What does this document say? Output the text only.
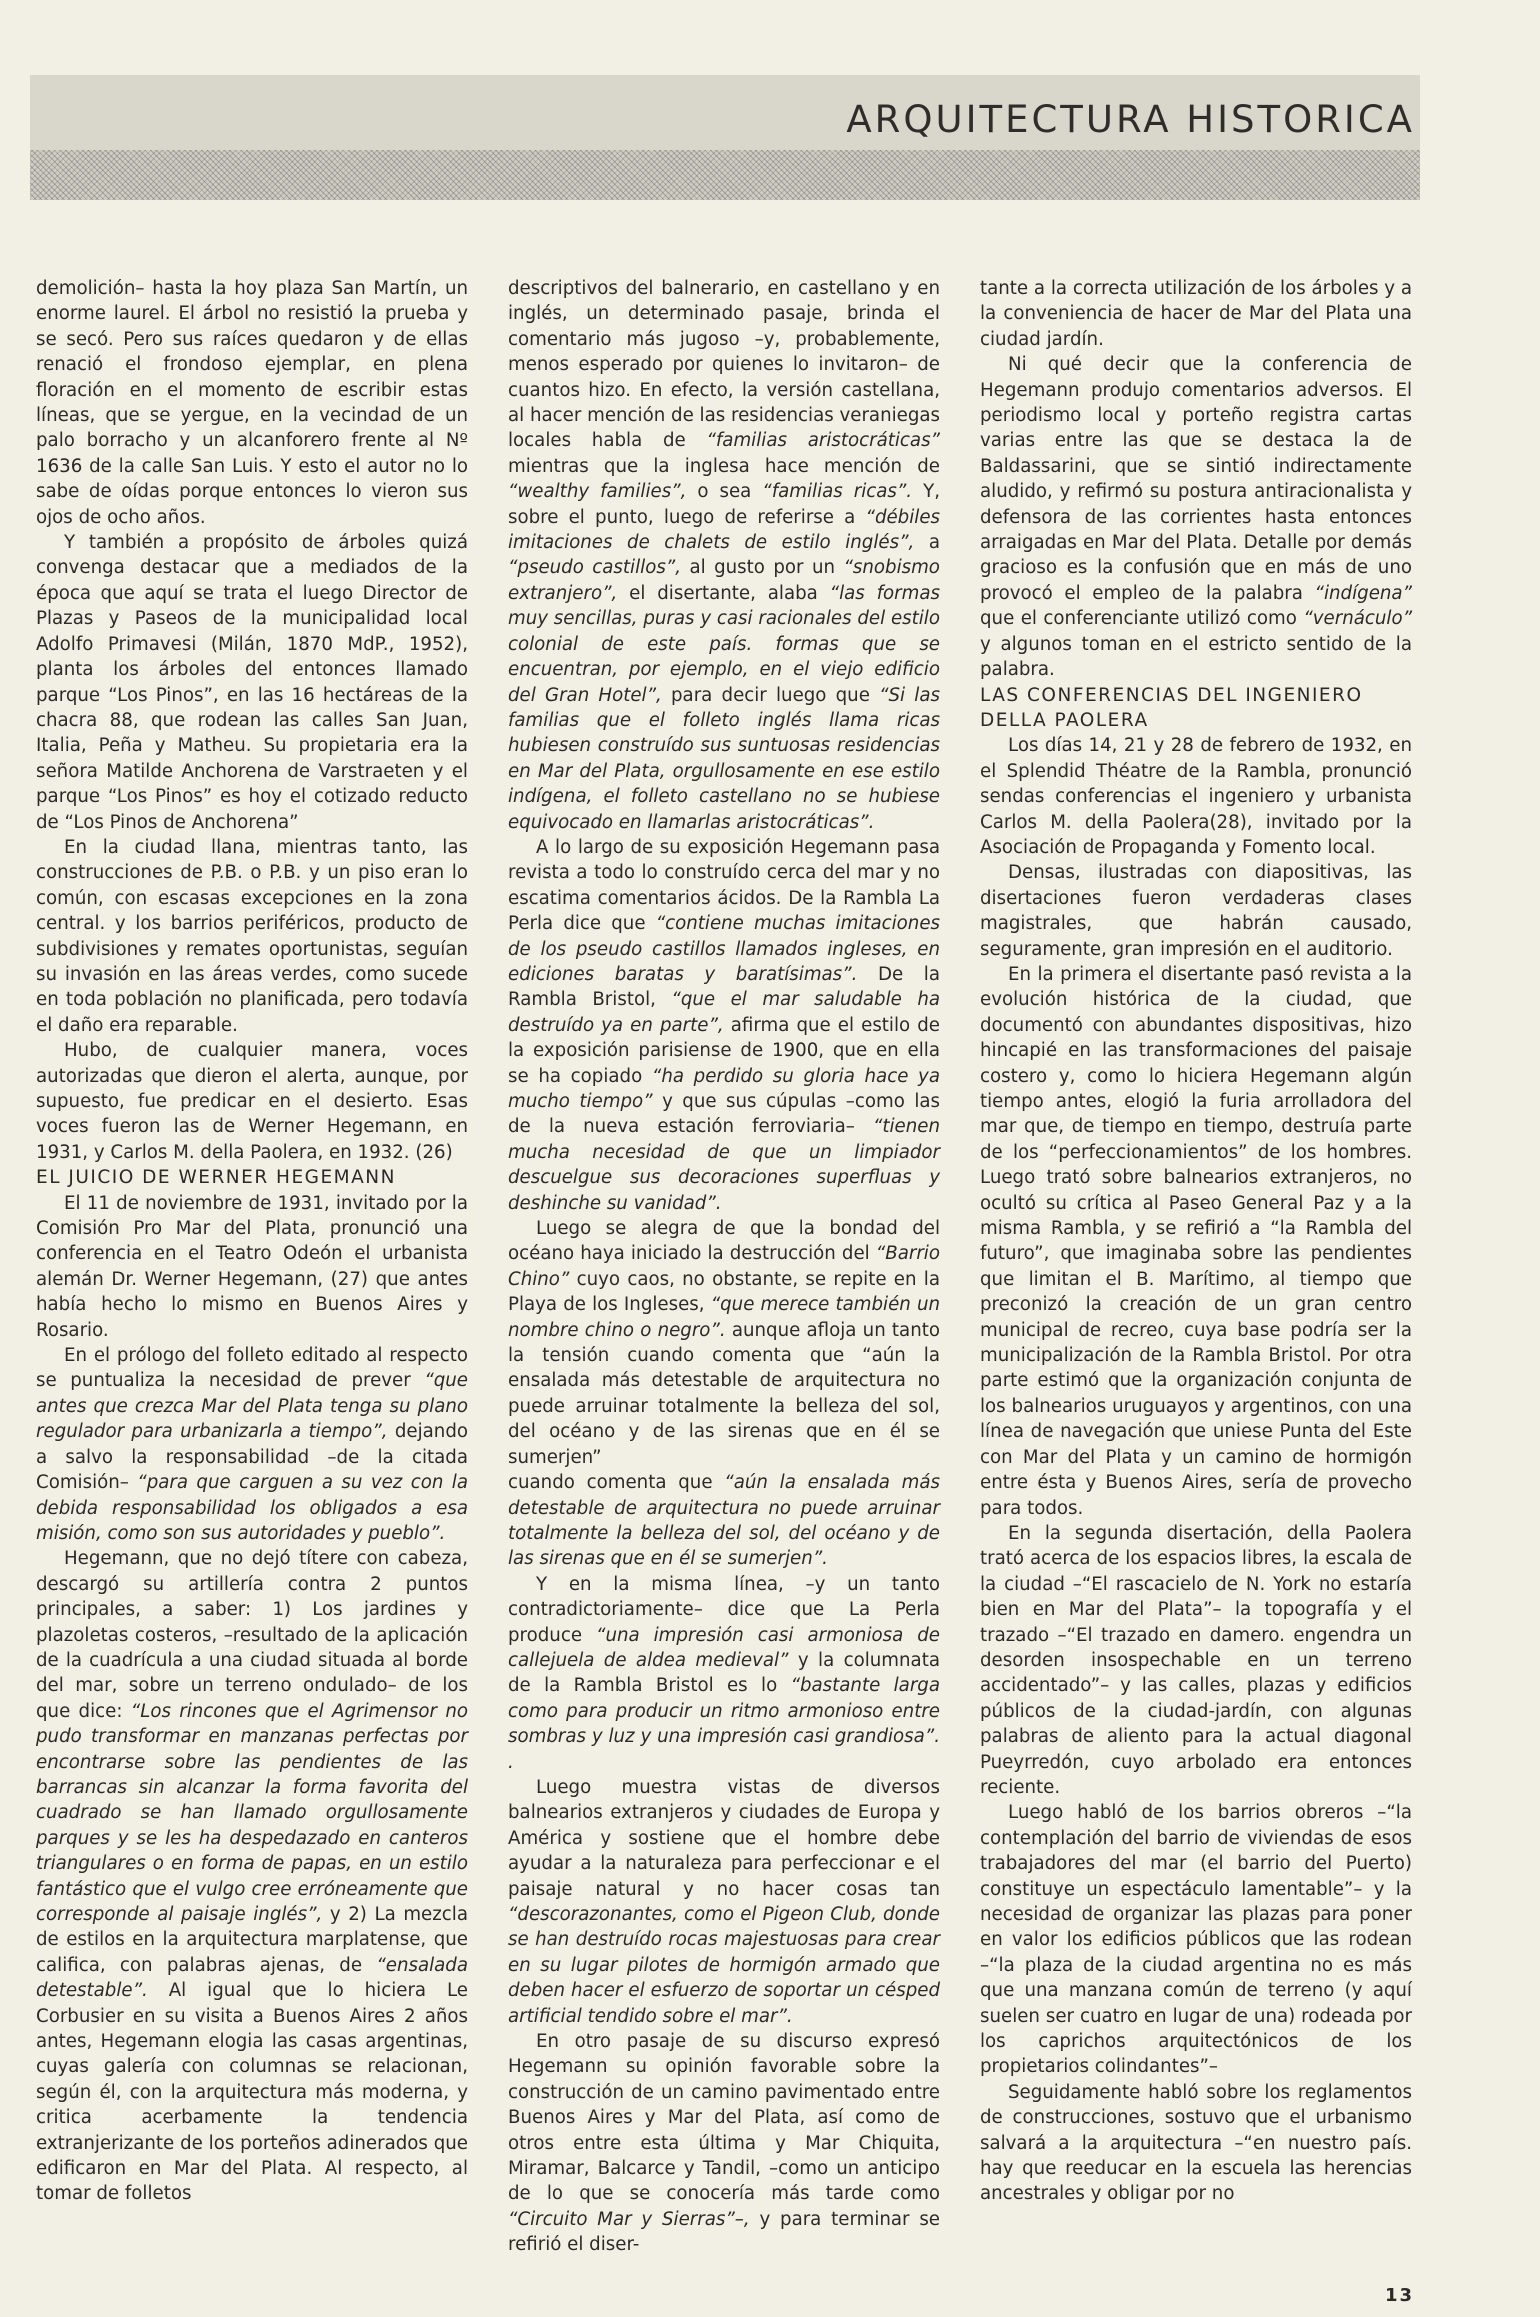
ARQUITECTURA HISTORICA

demolición– hasta la hoy plaza San Martín, un enorme laurel. El árbol no resistió la prueba y se secó. Pero sus raíces quedaron y de ellas renació el frondoso ejemplar, en plena floración en el momento de escribir estas líneas, que se yergue, en la vecindad de un palo borracho y un alcanforero frente al Nº 1636 de la calle San Luis. Y esto el autor no lo sabe de oídas porque entonces lo vieron sus ojos de ocho años.

Y también a propósito de árboles quizá convenga destacar que a mediados de la época que aquí se trata el luego Director de Plazas y Paseos de la municipalidad local Adolfo Primavesi (Milán, 1870 MdP., 1952), planta los árboles del entonces llamado parque “Los Pinos”, en las 16 hectáreas de la chacra 88, que rodean las calles San Juan, Italia, Peña y Matheu. Su propietaria era la señora Matilde Anchorena de Varstraeten y el parque “Los Pinos” es hoy el cotizado reducto de “Los Pinos de Anchorena”

En la ciudad llana, mientras tanto, las construcciones de P.B. o P.B. y un piso eran lo común, con escasas excepciones en la zona central. y los barrios periféricos, producto de subdivisiones y remates oportunistas, seguían su invasión en las áreas verdes, como sucede en toda población no planificada, pero todavía el daño era reparable.

Hubo, de cualquier manera, voces autorizadas que dieron el alerta, aunque, por supuesto, fue predicar en el desierto. Esas voces fueron las de Werner Hegemann, en 1931, y Carlos M. della Paolera, en 1932. (26)

EL JUICIO DE WERNER HEGEMANN

El 11 de noviembre de 1931, invitado por la Comisión Pro Mar del Plata, pronunció una conferencia en el Teatro Odeón el urbanista alemán Dr. Werner Hegemann, (27) que antes había hecho lo mismo en Buenos Aires y Rosario.

En el prólogo del folleto editado al respecto se puntualiza la necesidad de prever “que antes que crezca Mar del Plata tenga su plano regulador para urbanizarla a tiempo”, dejando a salvo la responsabilidad –de la citada Comisión– “para que carguen a su vez con la debida responsabilidad los obligados a esa misión, como son sus autoridades y pueblo”.

Hegemann, que no dejó títere con cabeza, descargó su artillería contra 2 puntos principales, a saber: 1) Los jardines y plazoletas costeros, –resultado de la aplicación de la cuadrícula a una ciudad situada al borde del mar, sobre un terreno ondulado– de los que dice: “Los rincones que el Agrimensor no pudo transformar en manzanas perfectas por encontrarse sobre las pendientes de las barrancas sin alcanzar la forma favorita del cuadrado se han llamado orgullosamente parques y se les ha despedazado en canteros triangulares o en forma de papas, en un estilo fantástico que el vulgo cree erróneamente que corresponde al paisaje inglés”, y 2) La mezcla de estilos en la arquitectura marplatense, que califica, con palabras ajenas, de “ensalada detestable”. Al igual que lo hiciera Le Corbusier en su visita a Buenos Aires 2 años antes, Hegemann elogia las casas argentinas, cuyas galería con columnas se relacionan, según él, con la arquitectura más moderna, y critica acerbamente la tendencia extranjerizante de los porteños adinerados que edificaron en Mar del Plata. Al respecto, al tomar de folletos

descriptivos del balnerario, en castellano y en inglés, un determinado pasaje, brinda el comentario más jugoso –y, probablemente, menos esperado por quienes lo invitaron– de cuantos hizo. En efecto, la versión castellana, al hacer mención de las residencias veraniegas locales habla de “familias aristocráticas” mientras que la inglesa hace mención de “wealthy families”, o sea “familias ricas”. Y, sobre el punto, luego de referirse a “débiles imitaciones de chalets de estilo inglés”, a “pseudo castillos”, al gusto por un “snobismo extranjero”, el disertante, alaba “las formas muy sencillas, puras y casi racionales del estilo colonial de este país. formas que se encuentran, por ejemplo, en el viejo edificio del Gran Hotel”, para decir luego que “Si las familias que el folleto inglés llama ricas hubiesen construído sus suntuosas residencias en Mar del Plata, orgullosamente en ese estilo indígena, el folleto castellano no se hubiese equivocado en llamarlas aristocráticas”.

A lo largo de su exposición Hegemann pasa revista a todo lo construído cerca del mar y no escatima comentarios ácidos. De la Rambla La Perla dice que “contiene muchas imitaciones de los pseudo castillos llamados ingleses, en ediciones baratas y baratísimas”. De la Rambla Bristol, “que el mar saludable ha destruído ya en parte”, afirma que el estilo de la exposición parisiense de 1900, que en ella se ha copiado “ha perdido su gloria hace ya mucho tiempo” y que sus cúpulas –como las de la nueva estación ferroviaria– “tienen mucha necesidad de que un limpiador descuelgue sus decoraciones superfluas y deshinche su vanidad”.

Luego se alegra de que la bondad del océano haya iniciado la destrucción del “Barrio Chino” cuyo caos, no obstante, se repite en la Playa de los Ingleses, “que merece también un nombre chino o negro”. aunque afloja un tanto la tensión cuando comenta que “aún la ensalada más detestable de arquitectura no puede arruinar totalmente la belleza del sol, del océano y de las sirenas que en él se sumerjen”

cuando comenta que “aún la ensalada más detestable de arquitectura no puede arruinar totalmente la belleza del sol, del océano y de las sirenas que en él se sumerjen”.

Y en la misma línea, –y un tanto contradictoriamente– dice que La Perla produce “una impresión casi armoniosa de callejuela de aldea medieval” y la columnata de la Rambla Bristol es lo “bastante larga como para producir un ritmo armonioso entre sombras y luz y una impresión casi grandiosa”. .

Luego muestra vistas de diversos balnearios extranjeros y ciudades de Europa y América y sostiene que el hombre debe ayudar a la naturaleza para perfeccionar e el paisaje natural y no hacer cosas tan “descorazonantes, como el Pigeon Club, donde se han destruído rocas majestuosas para crear en su lugar pilotes de hormigón armado que deben hacer el esfuerzo de soportar un césped artificial tendido sobre el mar”.

En otro pasaje de su discurso expresó Hegemann su opinión favorable sobre la construcción de un camino pavimentado entre Buenos Aires y Mar del Plata, así como de otros entre esta última y Mar Chiquita, Miramar, Balcarce y Tandil, –como un anticipo de lo que se conocería más tarde como “Circuito Mar y Sierras”–, y para terminar se refirió el diser-

tante a la correcta utilización de los árboles y a la conveniencia de hacer de Mar del Plata una ciudad jardín.

Ni qué decir que la conferencia de Hegemann produjo comentarios adversos. El periodismo local y porteño registra cartas varias entre las que se destaca la de Baldassarini, que se sintió indirectamente aludido, y refirmó su postura antiracionalista y defensora de las corrientes hasta entonces arraigadas en Mar del Plata. Detalle por demás gracioso es la confusión que en más de uno provocó el empleo de la palabra “indígena” que el conferenciante utilizó como “vernáculo” y algunos toman en el estricto sentido de la palabra.

LAS CONFERENCIAS DEL INGENIERO DELLA PAOLERA

Los días 14, 21 y 28 de febrero de 1932, en el Splendid Théatre de la Rambla, pronunció sendas conferencias el ingeniero y urbanista Carlos M. della Paolera(28), invitado por la Asociación de Propaganda y Fomento local.

Densas, ilustradas con diapositivas, las disertaciones fueron verdaderas clases magistrales, que habrán causado, seguramente, gran impresión en el auditorio.

En la primera el disertante pasó revista a la evolución histórica de la ciudad, que documentó con abundantes dispositivas, hizo hincapié en las transformaciones del paisaje costero y, como lo hiciera Hegemann algún tiempo antes, elogió la furia arrolladora del mar que, de tiempo en tiempo, destruía parte de los “perfeccionamientos” de los hombres. Luego trató sobre balnearios extranjeros, no ocultó su crítica al Paseo General Paz y a la misma Rambla, y se refirió a “la Rambla del futuro”, que imaginaba sobre las pendientes que limitan el B. Marítimo, al tiempo que preconizó la creación de un gran centro municipal de recreo, cuya base podría ser la municipalización de la Rambla Bristol. Por otra parte estimó que la organización conjunta de los balnearios uruguayos y argentinos, con una línea de navegación que uniese Punta del Este con Mar del Plata y un camino de hormigón entre ésta y Buenos Aires, sería de provecho para todos.

En la segunda disertación, della Paolera trató acerca de los espacios libres, la escala de la ciudad –“El rascacielo de N. York no estaría bien en Mar del Plata”– la topografía y el trazado –“El trazado en damero. engendra un desorden insospechable en un terreno accidentado”– y las calles, plazas y edificios públicos de la ciudad-jardín, con algunas palabras de aliento para la actual diagonal Pueyrredón, cuyo arbolado era entonces reciente.

Luego habló de los barrios obreros –“la contemplación del barrio de viviendas de esos trabajadores del mar (el barrio del Puerto) constituye un espectáculo lamentable”– y la necesidad de organizar las plazas para poner en valor los edificios públicos que las rodean –“la plaza de la ciudad argentina no es más que una manzana común de terreno (y aquí suelen ser cuatro en lugar de una) rodeada por los caprichos arquitectónicos de los propietarios colindantes”–

Seguidamente habló sobre los reglamentos de construcciones, sostuvo que el urbanismo salvará a la arquitectura –“en nuestro país. hay que reeducar en la escuela las herencias ancestrales y obligar por no

13
